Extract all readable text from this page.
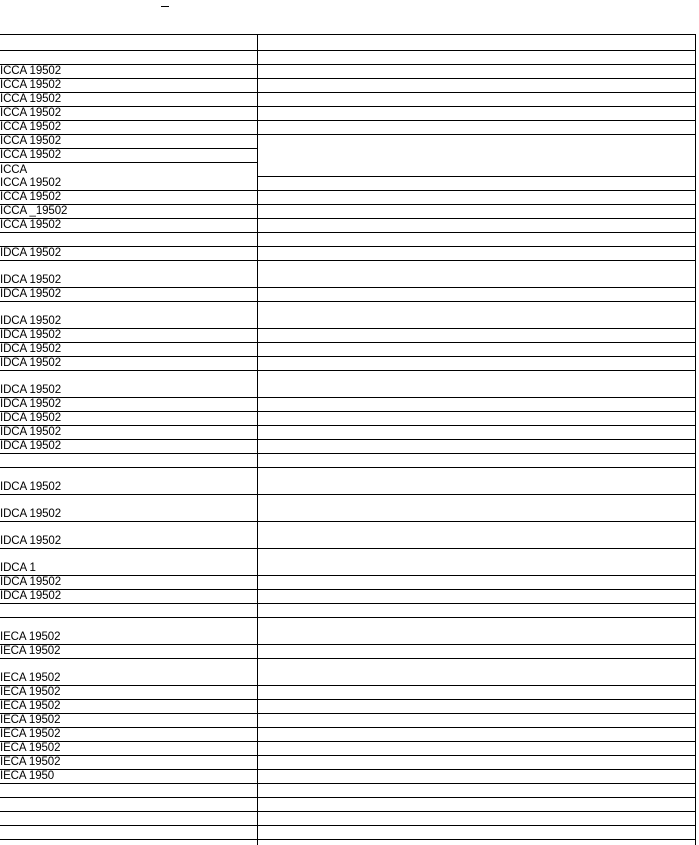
ICCA 19502
ICCA 19502
ICCA 19502
ICCA 19502
ICCA 19502
ICCA 19502
ICCA 19502
ICCA
ICCA 19502
ICCA 19502
ICCA _19502
ICCA 19502
IDCA 19502
IDCA 19502
IDCA 19502
IDCA 19502
IDCA 19502
IDCA 19502
IDCA 19502
IDCA 19502
IDCA 19502
IDCA 19502
IDCA 19502
IDCA 19502
IDCA 19502
IDCA 19502
IDCA 19502
IDCA 1
IDCA 19502
IDCA 19502
IECA 19502
IECA 19502
IECA 19502
IECA 19502
IECA 19502
IECA 19502
IECA 19502
IECA 19502
IECA 19502
IECA 1950
